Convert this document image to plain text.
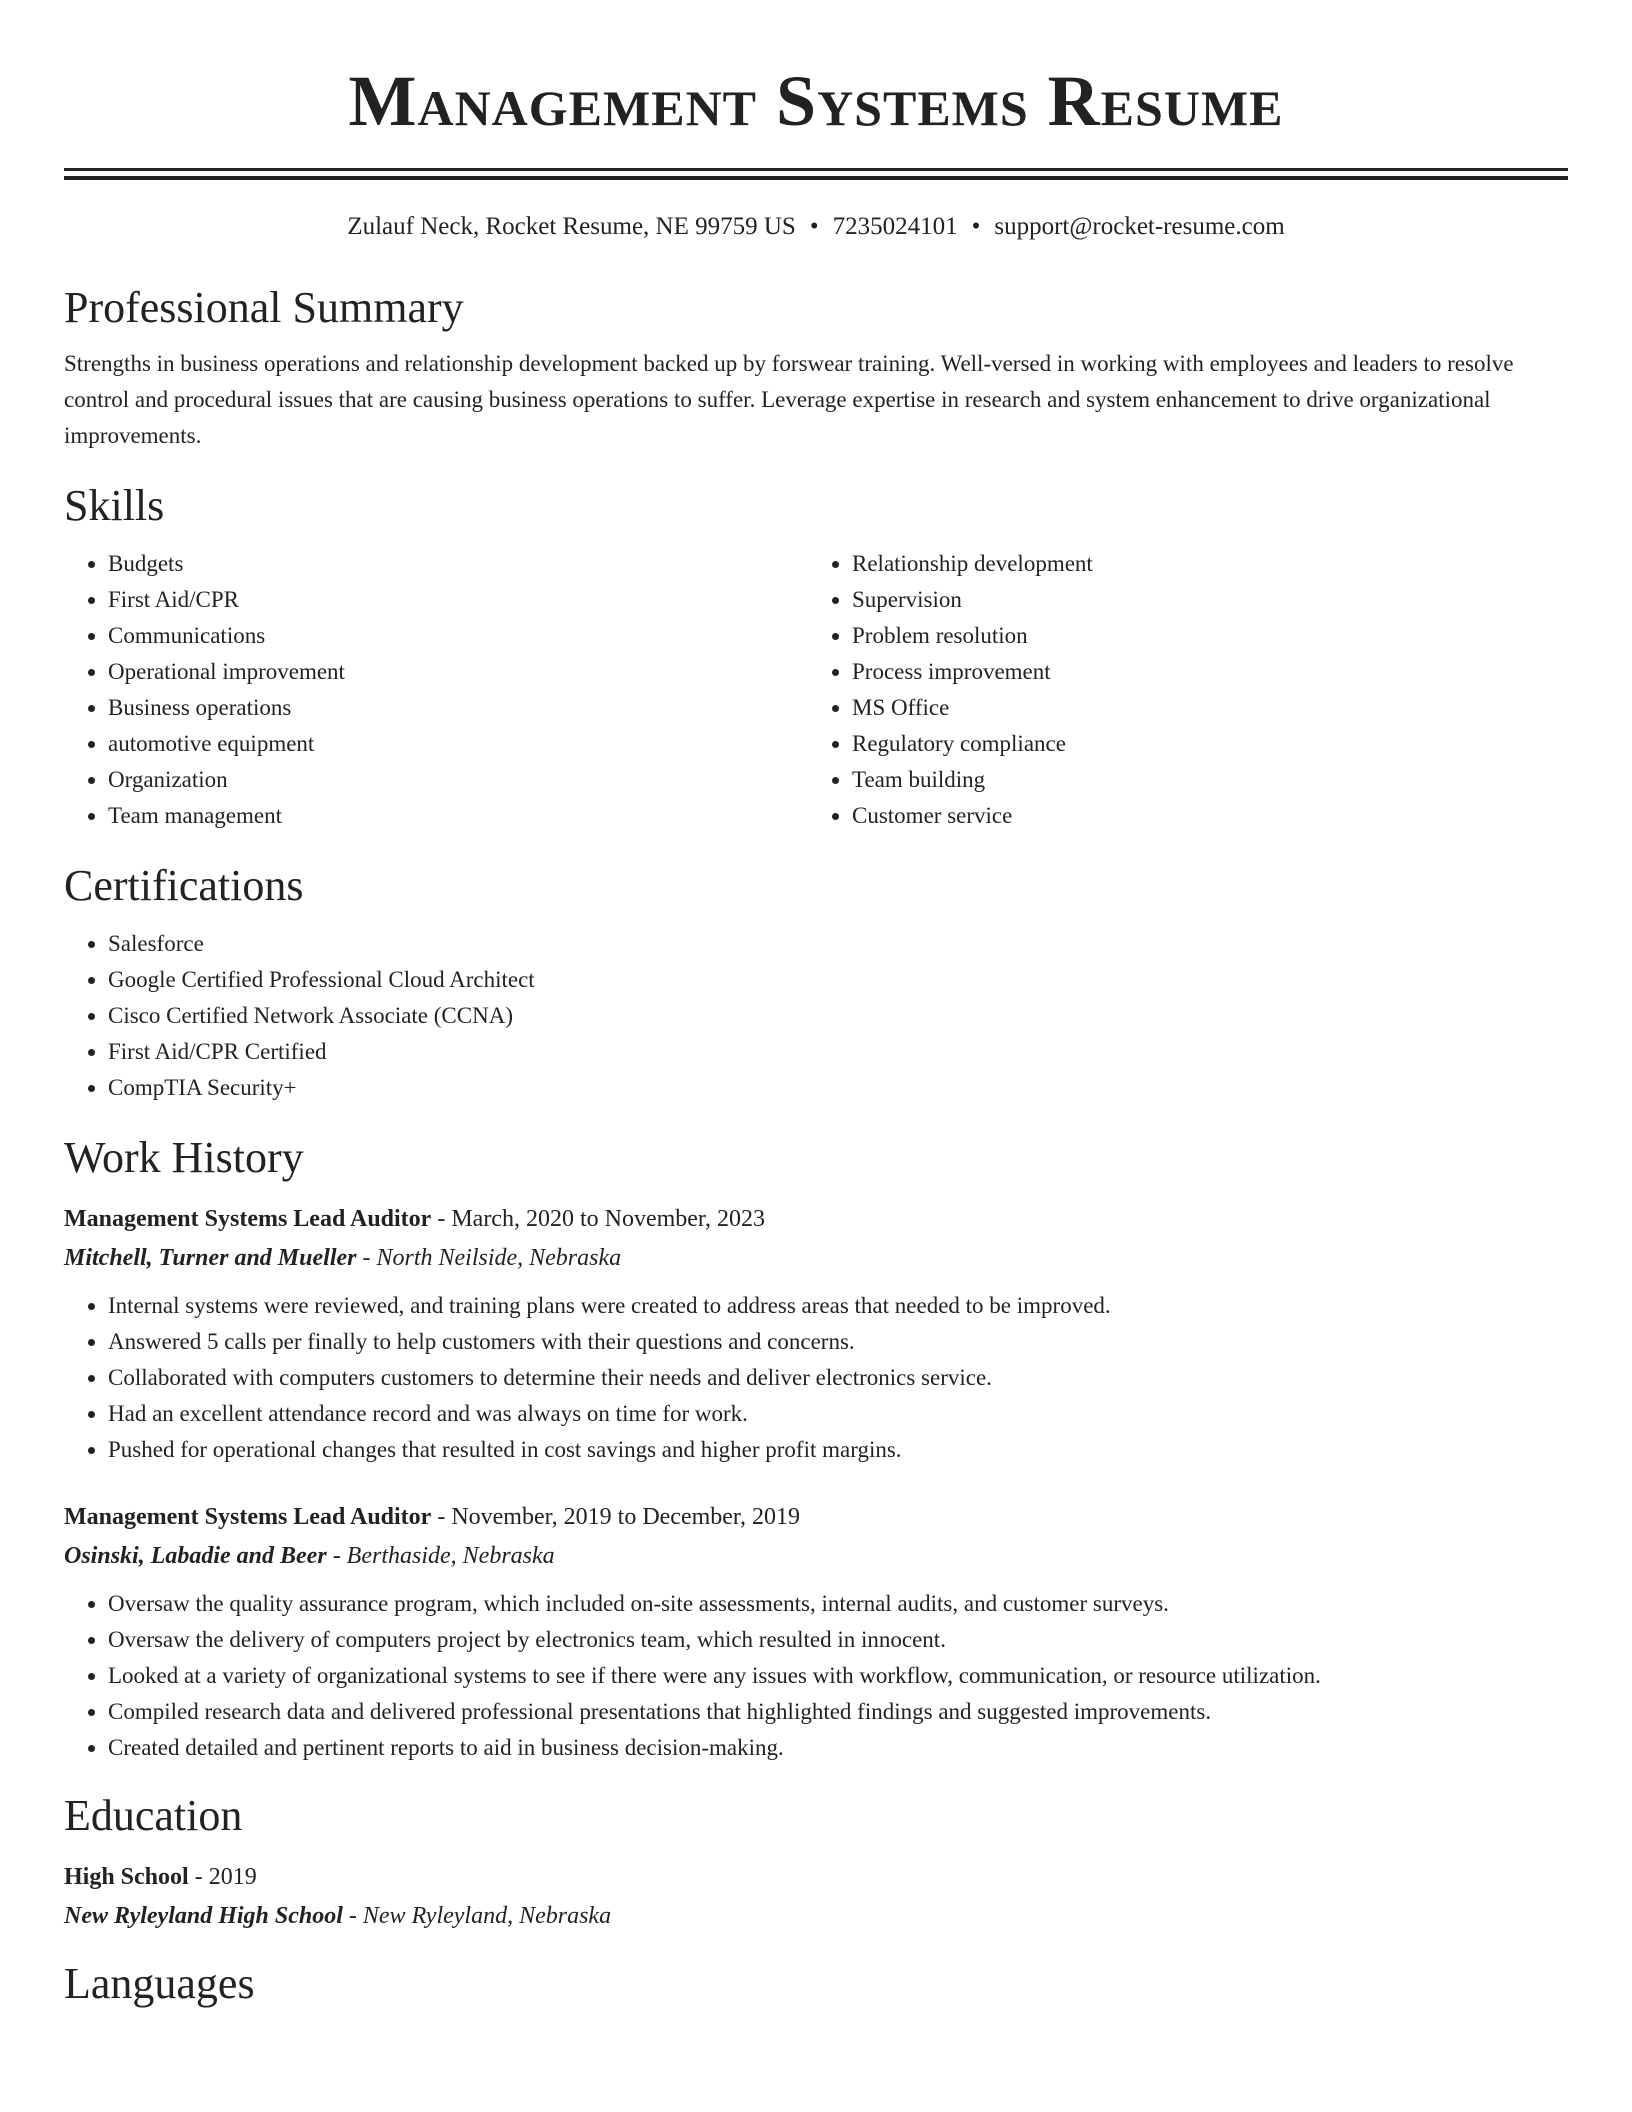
Management Systems Resume
Zulauf Neck, Rocket Resume, NE 99759 US • 7235024101 • support@rocket-resume.com
Professional Summary

Strengths in business operations and relationship development backed up by forswear training. Well-versed in working with employees and leaders to resolve control and procedural issues that are causing business operations to suffer. Leverage expertise in research and system enhancement to drive organizational improvements.

Skills
• Budgets
• First Aid/CPR
• Communications
• Operational improvement
• Business operations
• automotive equipment
• Organization
• Team management
• Relationship development
• Supervision
• Problem resolution
• Process improvement
• MS Office
• Regulatory compliance
• Team building
• Customer service
Certifications
• Salesforce
• Google Certified Professional Cloud Architect
• Cisco Certified Network Associate (CCNA)
• First Aid/CPR Certified
• CompTIA Security+
Work History
Management Systems Lead Auditor - March, 2020 to November, 2023
Mitchell, Turner and Mueller - North Neilside, Nebraska
• Internal systems were reviewed, and training plans were created to address areas that needed to be improved.
• Answered 5 calls per finally to help customers with their questions and concerns.
• Collaborated with computers customers to determine their needs and deliver electronics service.
• Had an excellent attendance record and was always on time for work.
• Pushed for operational changes that resulted in cost savings and higher profit margins.
Management Systems Lead Auditor - November, 2019 to December, 2019
Osinski, Labadie and Beer - Berthaside, Nebraska
• Oversaw the quality assurance program, which included on-site assessments, internal audits, and customer surveys.
• Oversaw the delivery of computers project by electronics team, which resulted in innocent.
• Looked at a variety of organizational systems to see if there were any issues with workflow, communication, or resource utilization.
• Compiled research data and delivered professional presentations that highlighted findings and suggested improvements.
• Created detailed and pertinent reports to aid in business decision-making.
Education
High School - 2019
New Ryleyland High School - New Ryleyland, Nebraska
Languages
